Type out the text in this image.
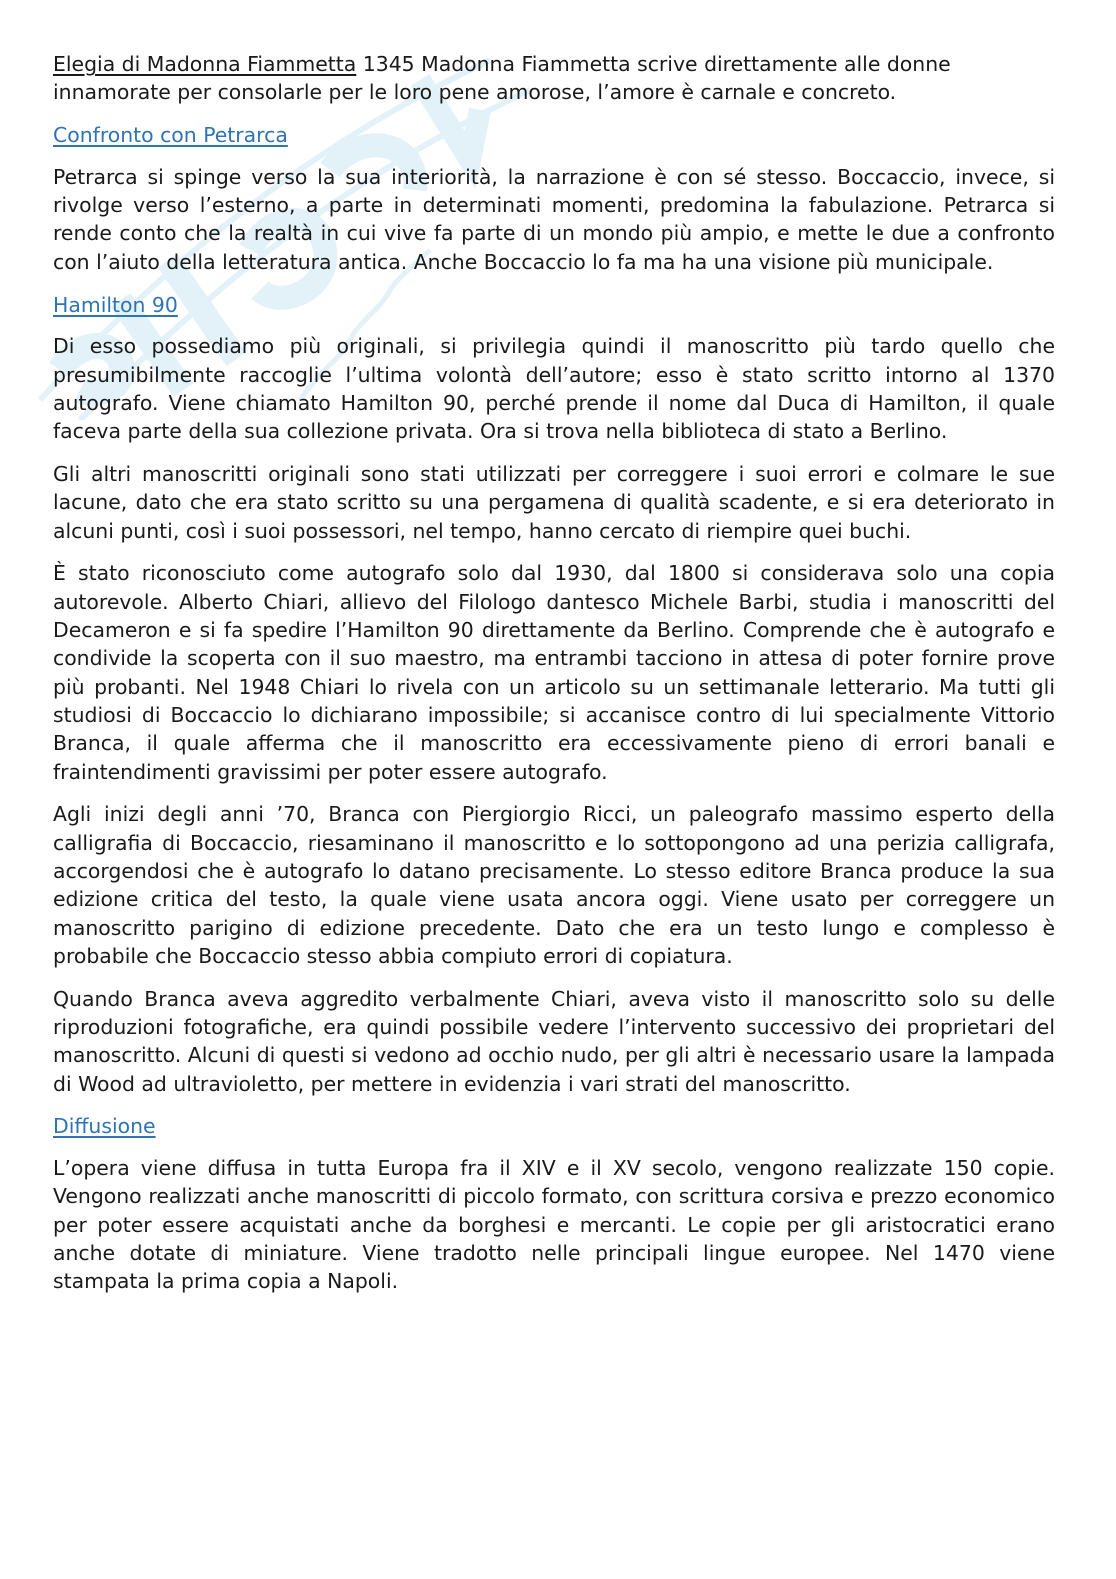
Elegia di Madonna Fiammetta 1345 Madonna Fiammetta scrive direttamente alle donne innamorate per consolarle per le loro pene amorose, l’amore è carnale e concreto.

Confronto con Petrarca

Petrarca si spinge verso la sua interiorità, la narrazione è con sé stesso. Boccaccio, invece, si rivolge verso l’esterno, a parte in determinati momenti, predomina la fabulazione. Petrarca si rende conto che la realtà in cui vive fa parte di un mondo più ampio, e mette le due a confronto con l’aiuto della letteratura antica. Anche Boccaccio lo fa ma ha una visione più municipale.

Hamilton 90

Di esso possediamo più originali, si privilegia quindi il manoscritto più tardo quello che presumibilmente raccoglie l’ultima volontà dell’autore; esso è stato scritto intorno al 1370 autografo. Viene chiamato Hamilton 90, perché prende il nome dal Duca di Hamilton, il quale faceva parte della sua collezione privata. Ora si trova nella biblioteca di stato a Berlino.

Gli altri manoscritti originali sono stati utilizzati per correggere i suoi errori e colmare le sue lacune, dato che era stato scritto su una pergamena di qualità scadente, e si era deteriorato in alcuni punti, così i suoi possessori, nel tempo, hanno cercato di riempire quei buchi.

È stato riconosciuto come autografo solo dal 1930, dal 1800 si considerava solo una copia autorevole. Alberto Chiari, allievo del Filologo dantesco Michele Barbi, studia i manoscritti del Decameron e si fa spedire l’Hamilton 90 direttamente da Berlino. Comprende che è autografo e condivide la scoperta con il suo maestro, ma entrambi tacciono in attesa di poter fornire prove più probanti. Nel 1948 Chiari lo rivela con un articolo su un settimanale letterario. Ma tutti gli studiosi di Boccaccio lo dichiarano impossibile; si accanisce contro di lui specialmente Vittorio Branca, il quale afferma che il manoscritto era eccessivamente pieno di errori banali e fraintendimenti gravissimi per poter essere autografo.

Agli inizi degli anni ’70, Branca con Piergiorgio Ricci, un paleografo massimo esperto della calligrafia di Boccaccio, riesaminano il manoscritto e lo sottopongono ad una perizia calligrafa, accorgendosi che è autografo lo datano precisamente. Lo stesso editore Branca produce la sua edizione critica del testo, la quale viene usata ancora oggi. Viene usato per correggere un manoscritto parigino di edizione precedente. Dato che era un testo lungo e complesso è probabile che Boccaccio stesso abbia compiuto errori di copiatura.

Quando Branca aveva aggredito verbalmente Chiari, aveva visto il manoscritto solo su delle riproduzioni fotografiche, era quindi possibile vedere l’intervento successivo dei proprietari del manoscritto. Alcuni di questi si vedono ad occhio nudo, per gli altri è necessario usare la lampada di Wood ad ultravioletto, per mettere in evidenzia i vari strati del manoscritto.

Diffusione

L’opera viene diffusa in tutta Europa fra il XIV e il XV secolo, vengono realizzate 150 copie. Vengono realizzati anche manoscritti di piccolo formato, con scrittura corsiva e prezzo economico per poter essere acquistati anche da borghesi e mercanti. Le copie per gli aristocratici erano anche dotate di miniature. Viene tradotto nelle principali lingue europee. Nel 1470 viene stampata la prima copia a Napoli.
